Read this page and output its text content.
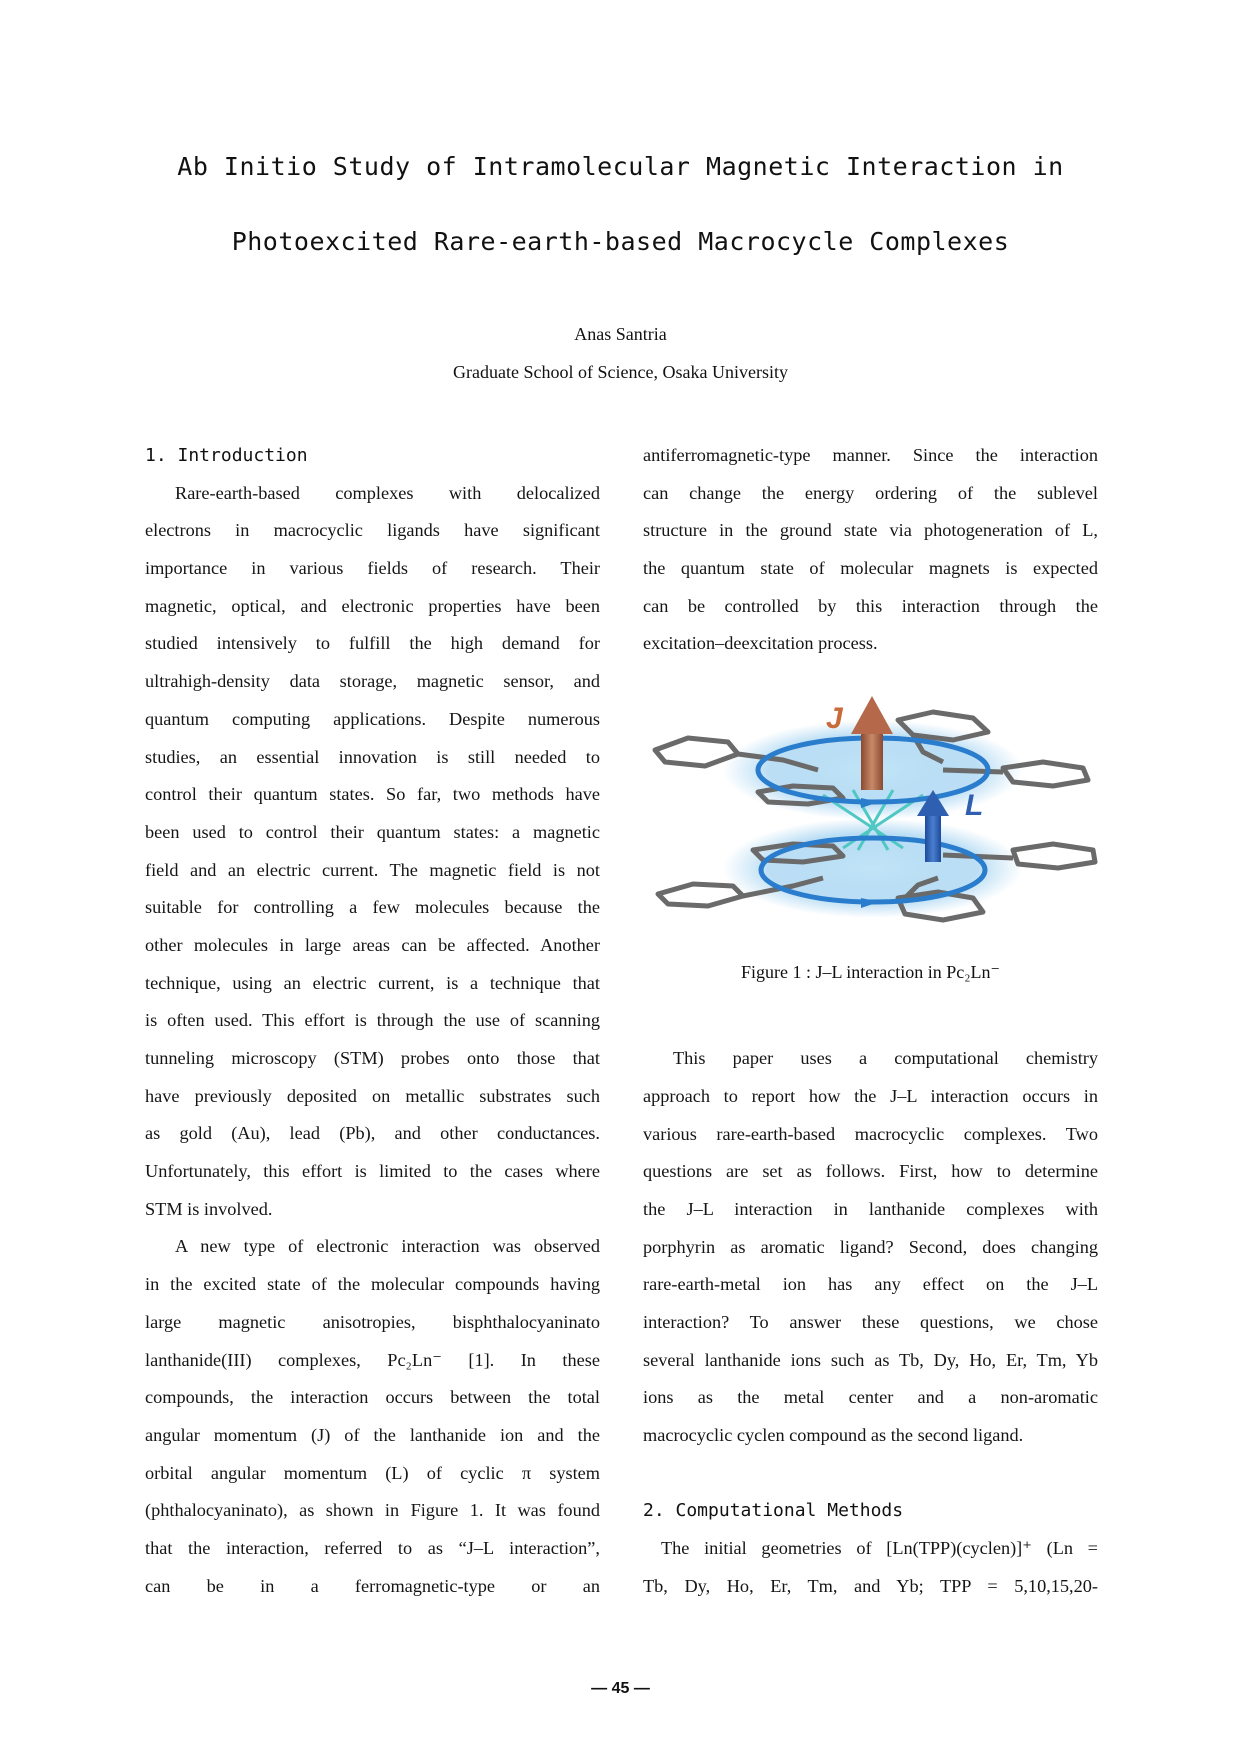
Ab Initio Study of Intramolecular Magnetic Interaction in
Photoexcited Rare-earth-based Macrocycle Complexes
Anas Santria
Graduate School of Science, Osaka University
1. Introduction
Rare-earth-based complexes with delocalized
electrons in macrocyclic ligands have significant
importance in various fields of research. Their
magnetic, optical, and electronic properties have been
studied intensively to fulfill the high demand for
ultrahigh-density data storage, magnetic sensor, and
quantum computing applications. Despite numerous
studies, an essential innovation is still needed to
control their quantum states. So far, two methods have
been used to control their quantum states: a magnetic
field and an electric current. The magnetic field is not
suitable for controlling a few molecules because the
other molecules in large areas can be affected. Another
technique, using an electric current, is a technique that
is often used. This effort is through the use of scanning
tunneling microscopy (STM) probes onto those that
have previously deposited on metallic substrates such
as gold (Au), lead (Pb), and other conductances.
Unfortunately, this effort is limited to the cases where
STM is involved.
A new type of electronic interaction was observed
in the excited state of the molecular compounds having
large magnetic anisotropies, bisphthalocyaninato
lanthanide(III) complexes, Pc₂Ln⁻ [1]. In these
compounds, the interaction occurs between the total
angular momentum (J) of the lanthanide ion and the
orbital angular momentum (L) of cyclic π system
(phthalocyaninato), as shown in Figure 1. It was found
that the interaction, referred to as “J–L interaction”,
can be in a ferromagnetic-type or an
antiferromagnetic-type manner. Since the interaction
can change the energy ordering of the sublevel
structure in the ground state via photogeneration of L,
the quantum state of molecular magnets is expected
can be controlled by this interaction through the
excitation–deexcitation process.
This paper uses a computational chemistry
approach to report how the J–L interaction occurs in
various rare-earth-based macrocyclic complexes. Two
questions are set as follows. First, how to determine
the J–L interaction in lanthanide complexes with
porphyrin as aromatic ligand? Second, does changing
rare-earth-metal ion has any effect on the J–L
interaction? To answer these questions, we chose
several lanthanide ions such as Tb, Dy, Ho, Er, Tm, Yb
ions as the metal center and a non-aromatic
macrocyclic cyclen compound as the second ligand.
2. Computational Methods
The initial geometries of [Ln(TPP)(cyclen)]⁺ (Ln =
Tb, Dy, Ho, Er, Tm, and Yb; TPP = 5,10,15,20-
J
L
Figure 1 : J–L interaction in Pc₂Ln⁻
— 45 —
